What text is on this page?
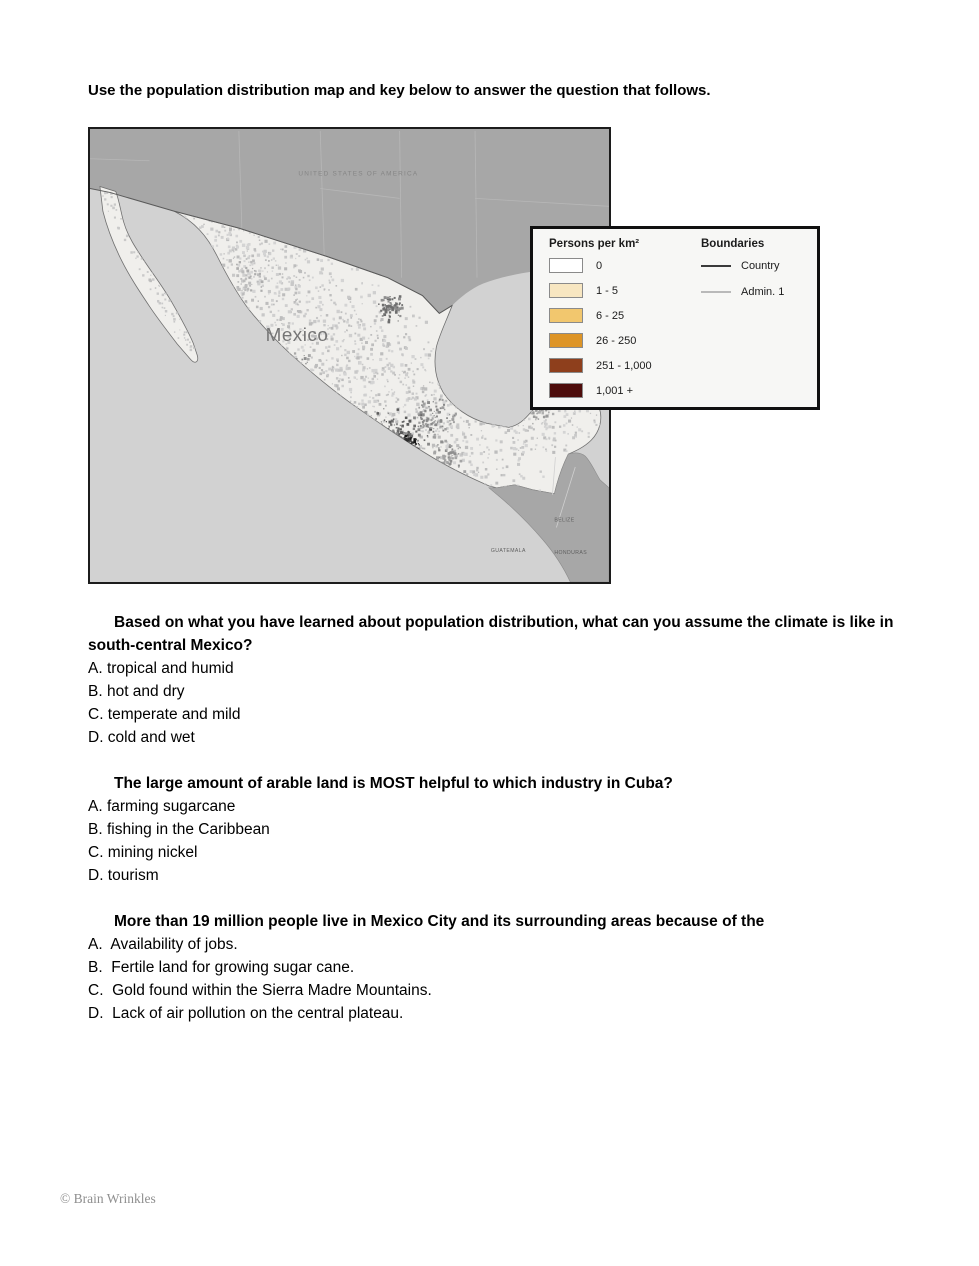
Use the population distribution map and key below to answer the question that follows.

UNITED STATES OF AMERICA
Mexico
BELIZE
GUATEMALA	HONDURAS
Persons per km²
0
1 - 5
6 - 25
26 - 250
251 - 1,000
1,001 +
Boundaries
Country
Admin. 1

Based on what you have learned about population distribution, what can you assume the climate is like in south-central Mexico?

A. tropical and humid

B. hot and dry

C. temperate and mild

D. cold and wet

The large amount of arable land is MOST helpful to which industry in Cuba?

A. farming sugarcane

B. fishing in the Caribbean

C. mining nickel

D. tourism

More than 19 million people live in Mexico City and its surrounding areas because of the

A.  Availability of jobs.

B.  Fertile land for growing sugar cane.

C.  Gold found within the Sierra Madre Mountains.

D.  Lack of air pollution on the central plateau.

© Brain Wrinkles
